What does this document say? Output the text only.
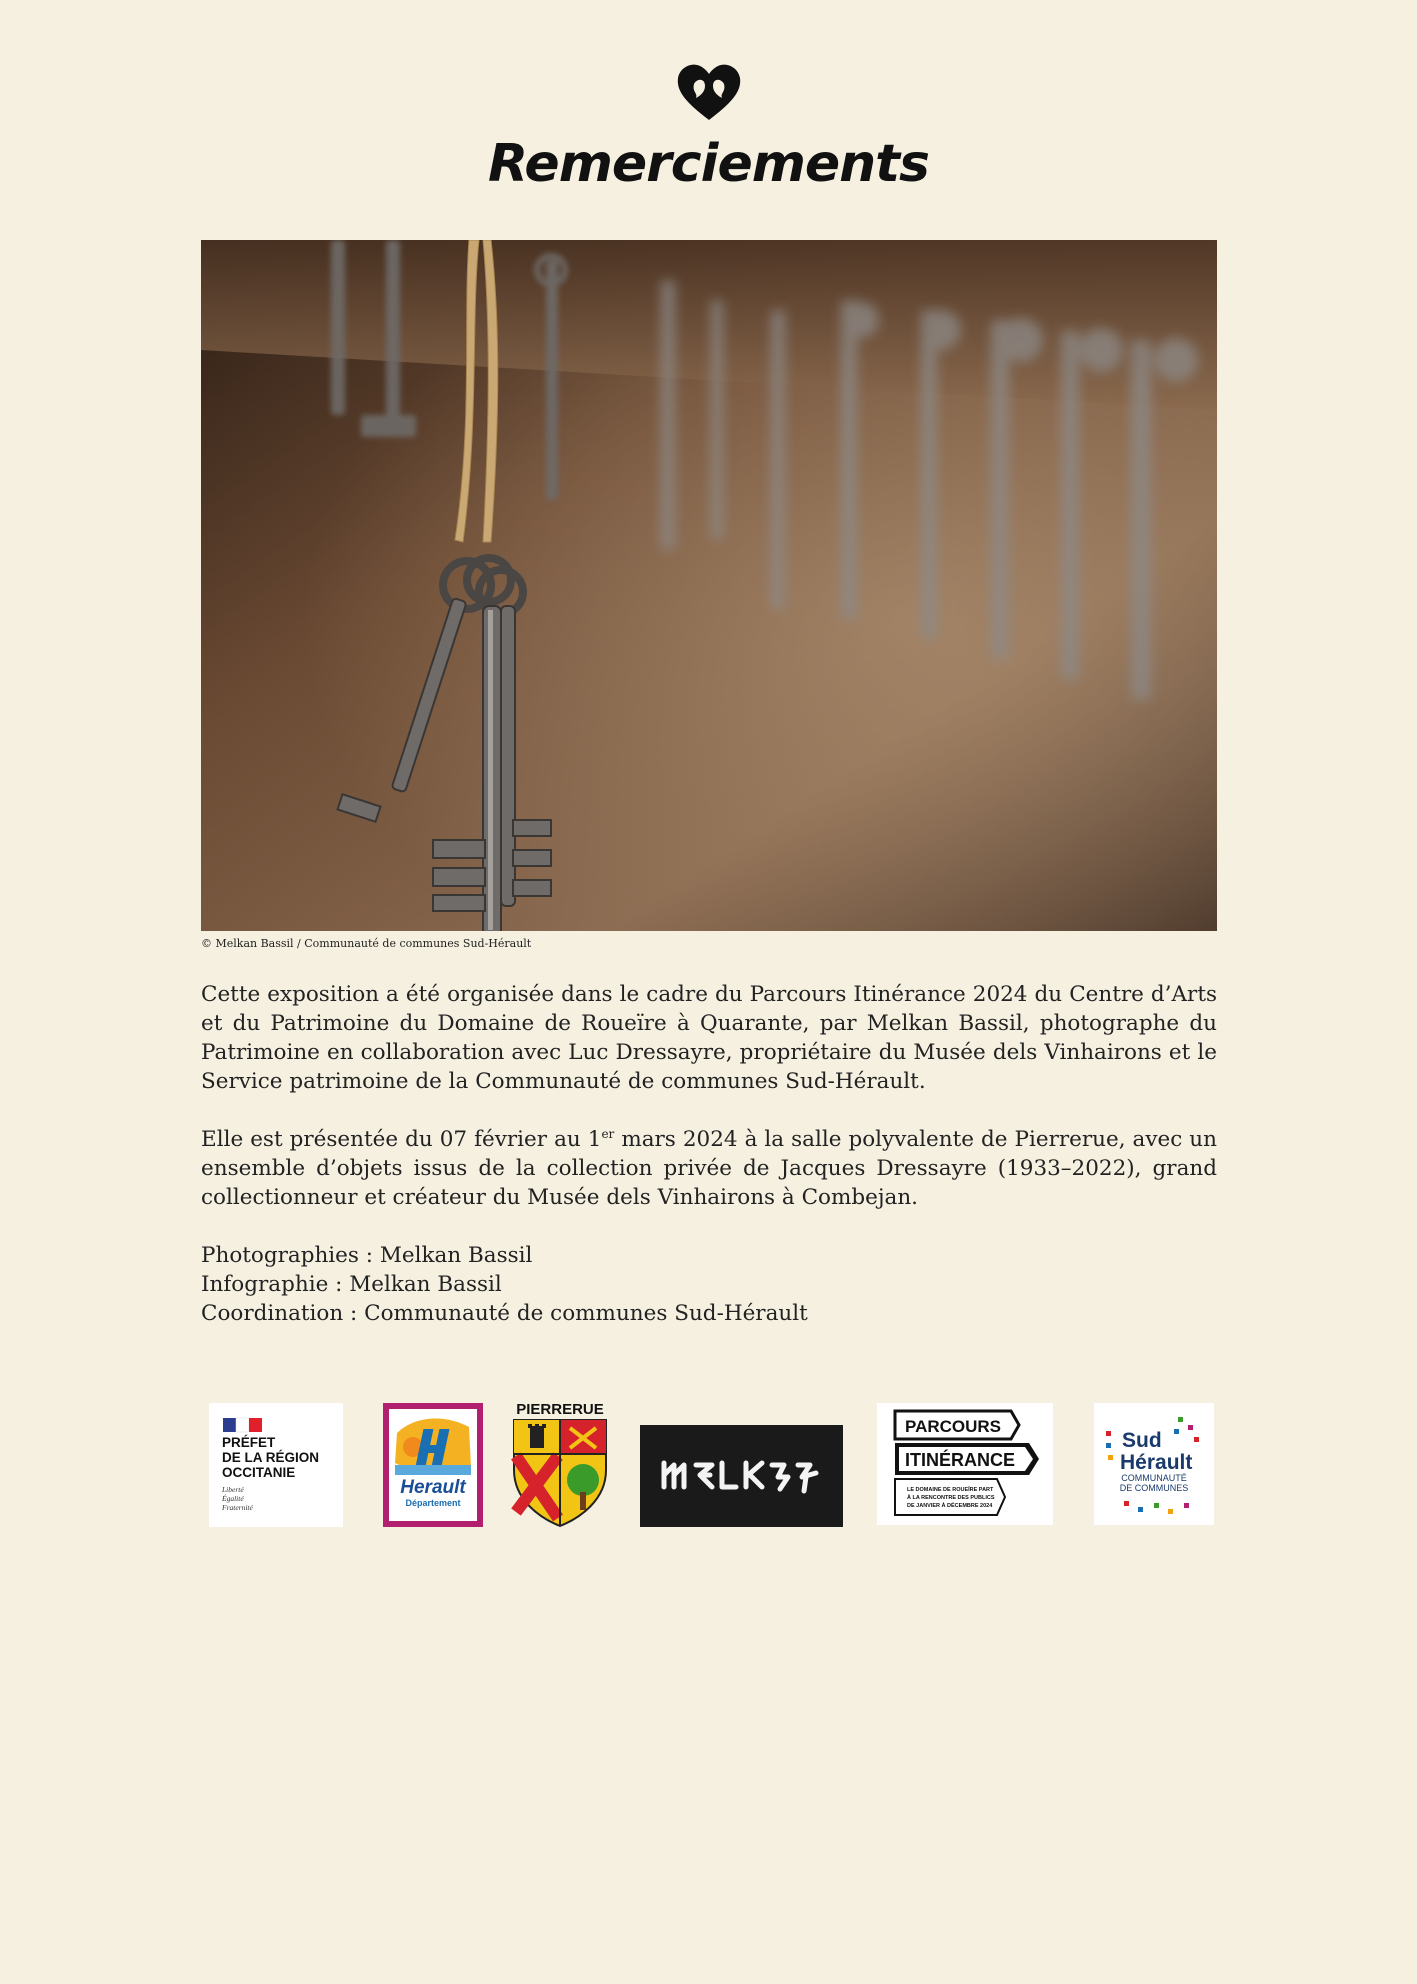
Remerciements
© Melkan Bassil / Communauté de communes Sud-Hérault

Cette exposition a été organisée dans le cadre du Parcours Itinérance 2024 du Centre d’Arts et du Patrimoine du Domaine de Roueïre à Quarante, par Melkan Bassil, photographe du Patrimoine en collaboration avec Luc Dressayre, propriétaire du Musée dels Vinhairons et le Service patrimoine de la Communauté de communes Sud-Hérault.

Elle est présentée du 07 février au 1er mars 2024 à la salle polyvalente de Pierrerue, avec un ensemble d’objets issus de la collection privée de Jacques Dressayre (1933–2022), grand collectionneur et créateur du Musée dels Vinhairons à Combejan.

Photographies : Melkan Bassil
Infographie : Melkan Bassil
Coordination : Communauté de communes Sud-Hérault
PRÉFET
DE LA RÉGION
OCCITANIE
Liberté
Égalité
Fraternité
Herault
Département
PIERRERUE
PARCOURS
ITINÉRANCE
LE DOMAINE DE ROUEÏRE PART
À LA RENCONTRE DES PUBLICS
DE JANVIER À DÉCEMBRE 2024
Sud
Hérault
COMMUNAUTÉ
DE COMMUNES
